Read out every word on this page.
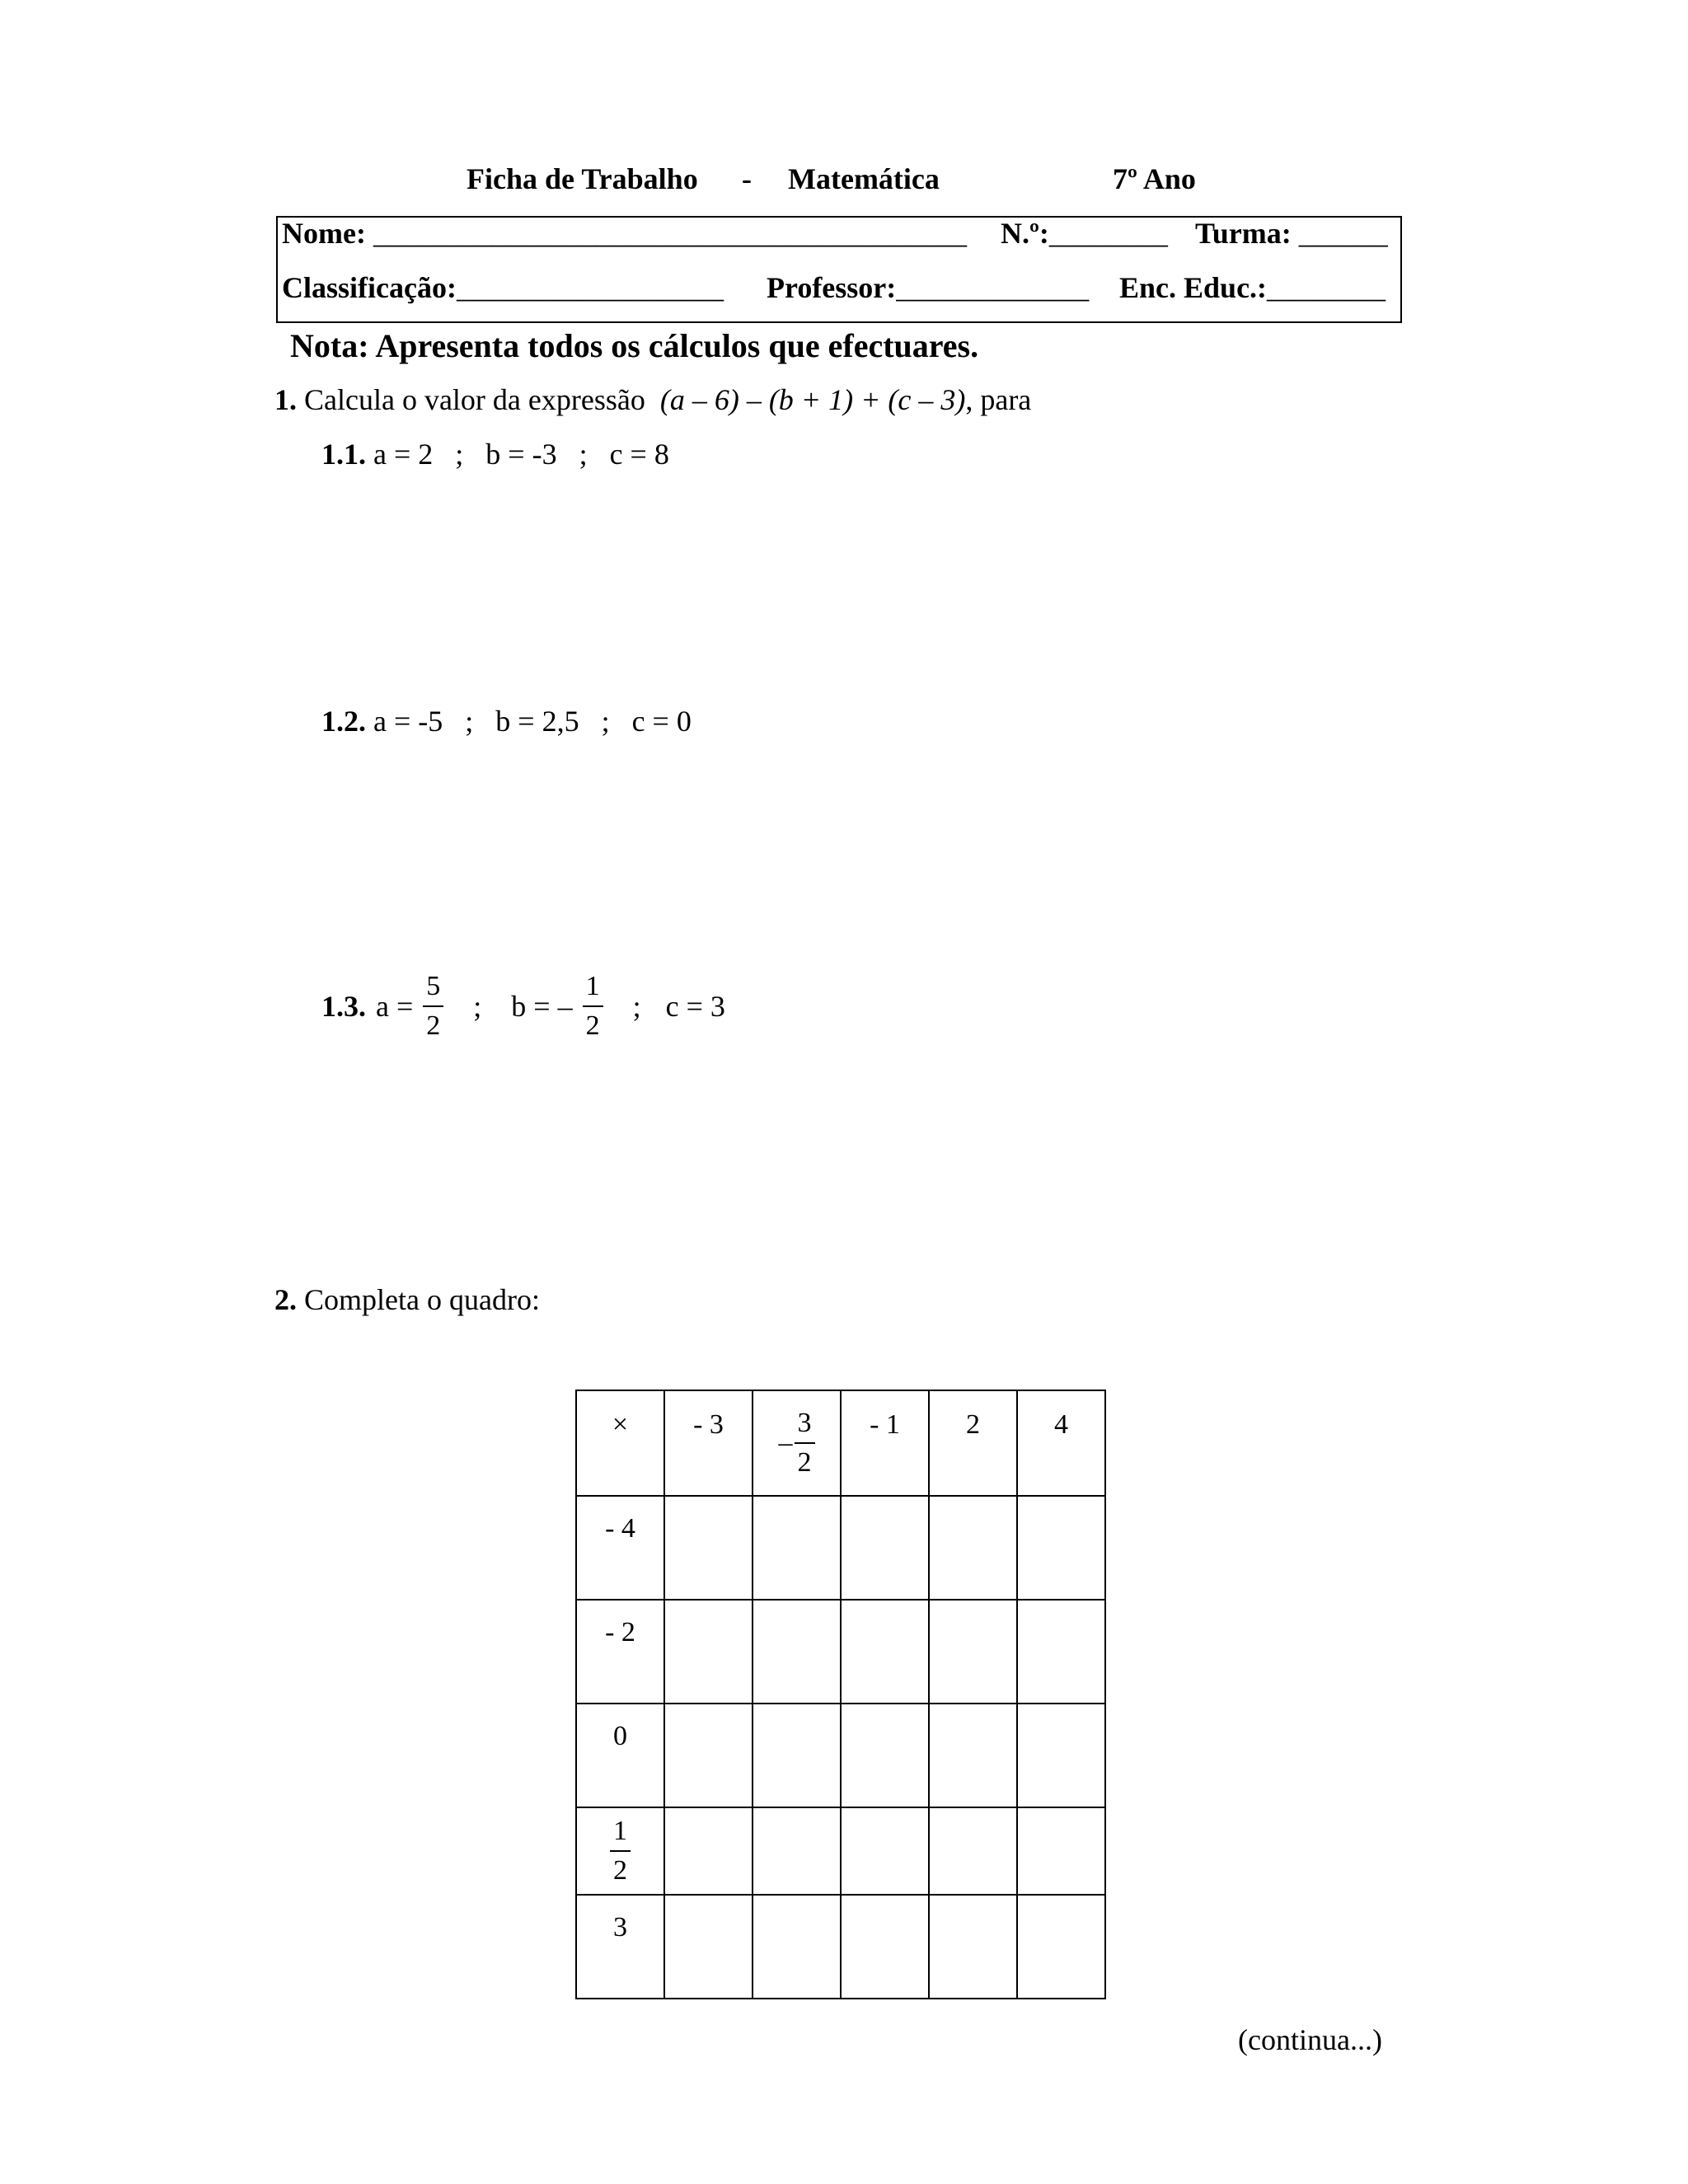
Ficha de Trabalho - Matemática	7º Ano
Nome: ________________________________________ N.º:________ Turma: ______
Classificação:__________________ Professor:_____________ Enc. Educ.:________
Nota: Apresenta todos os cálculos que efectuares.
1. Calcula o valor da expressão (a – 6) – (b + 1) + (c – 3), para
1.1. a = 2   ;   b = -3   ;   c = 8
1.2. a = -5   ;   b = 2,5   ;   c = 0
1.3. $a = \frac{5}{2}$ ; b = – $\frac{1}{2}$ ; c = 3
2. Completa o quadro:
×	- 3	– $\frac{3}{2}$	- 1	2	4
- 4					
- 2					
0					

$\frac{1}{2}$

3					
(continua...)
